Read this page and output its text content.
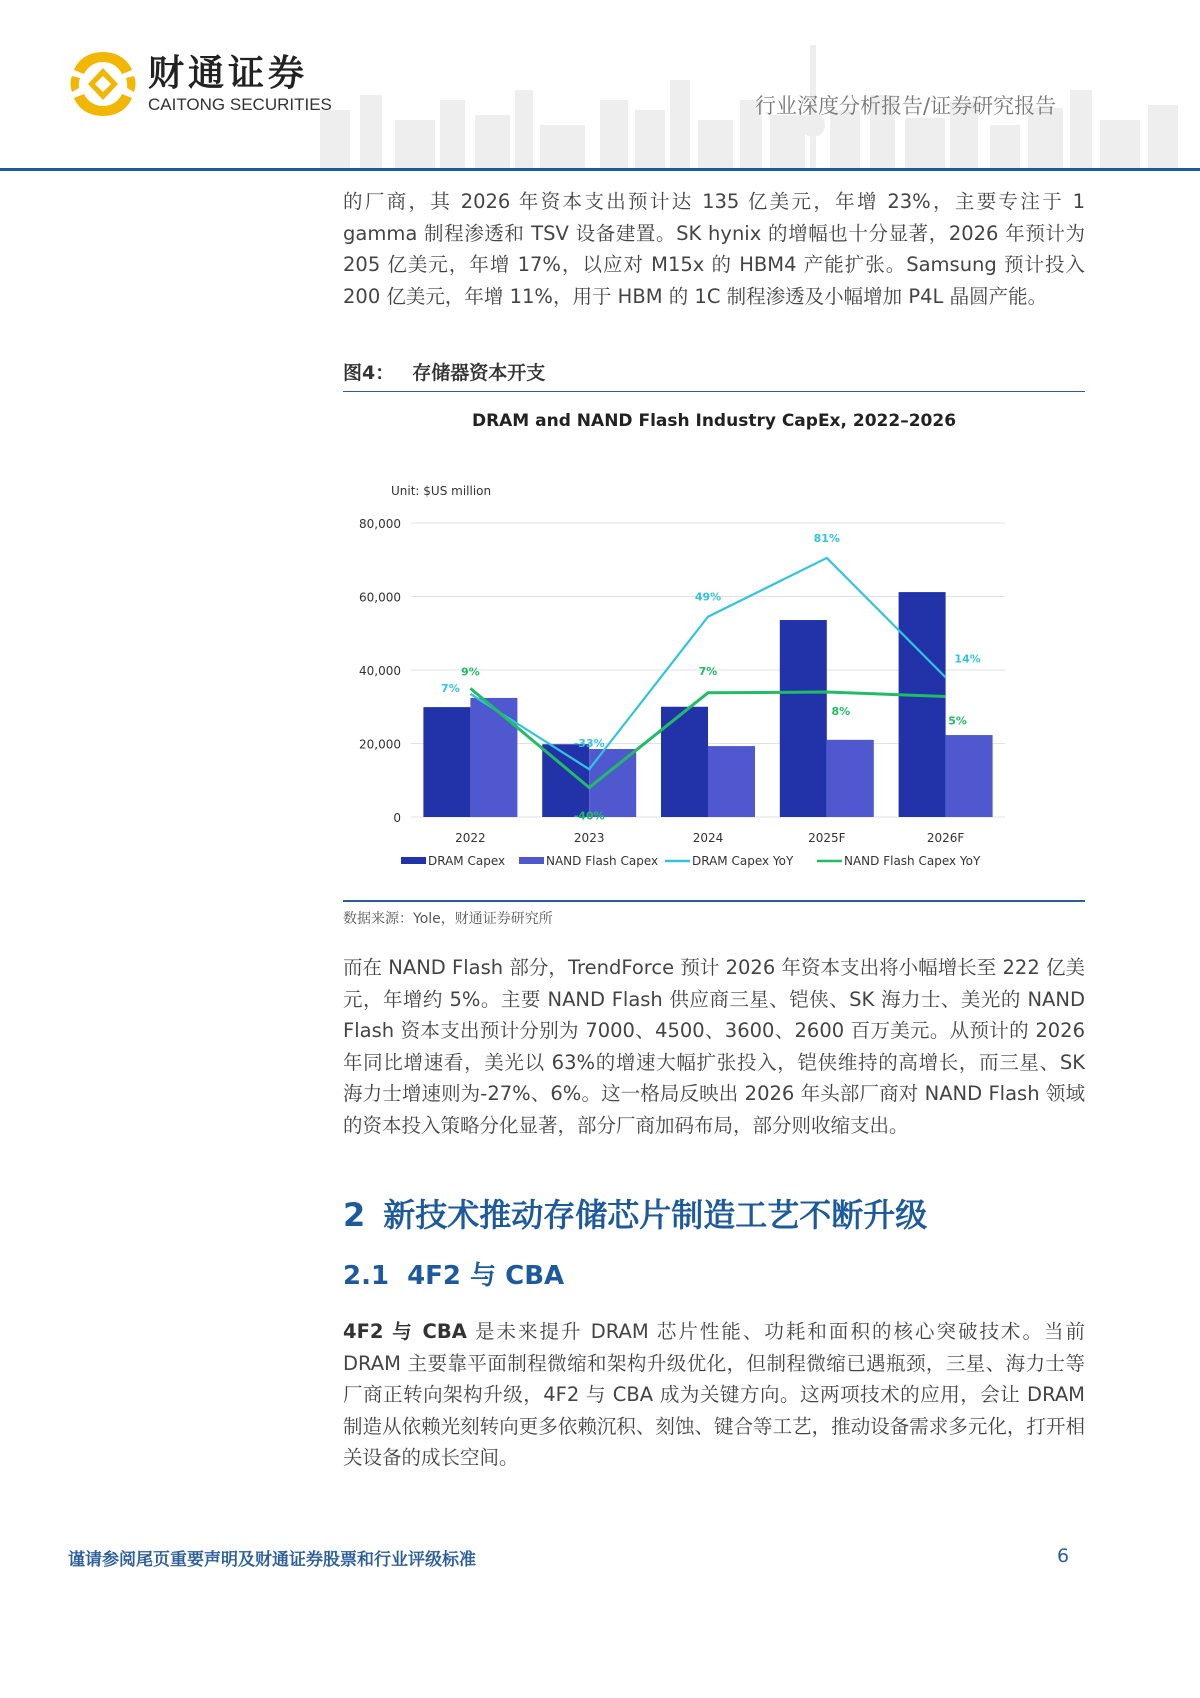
财通证券
CAITONG SECURITIES	行业深度分析报告/证券研究报告

的厂商，其 2026 年资本支出预计达 135 亿美元，年增 23%，主要专注于 1 gamma 制程渗透和 TSV 设备建置。SK hynix 的增幅也十分显著，2026 年预计为 205 亿美元，年增 17%，以应对 M15x 的 HBM4 产能扩张。Samsung 预计投入 200 亿美元，年增 11%，用于 HBM 的 1C 制程渗透及小幅增加 P4L 晶圆产能。

图4： 存储器资本开支
DRAM and NAND Flash Industry CapEx, 2022–2026
Unit: $US million
0
20,000
40,000
60,000
80,000
7%
-33%
49%
81%
14%
9%
-40%
7%
8%
5%
2022	2023	2024	2025F	2026F
DRAM Capex	NAND Flash Capex	DRAM Capex YoY	NAND Flash Capex YoY
数据来源：Yole，财通证券研究所

而在 NAND Flash 部分，TrendForce 预计 2026 年资本支出将小幅增长至 222 亿美元，年增约 5%。主要 NAND Flash 供应商三星、铠侠、SK 海力士、美光的 NAND Flash 资本支出预计分别为 7000、4500、3600、2600 百万美元。从预计的 2026 年同比增速看，美光以 63%的增速大幅扩张投入，铠侠维持的高增长，而三星、SK 海力士增速则为-27%、6%。这一格局反映出 2026 年头部厂商对 NAND Flash 领域的资本投入策略分化显著，部分厂商加码布局，部分则收缩支出。

2 新技术推动存储芯片制造工艺不断升级
2.1 4F2 与 CBA

4F2 与 CBA 是未来提升 DRAM 芯片性能、功耗和面积的核心突破技术。当前 DRAM 主要靠平面制程微缩和架构升级优化，但制程微缩已遇瓶颈，三星、海力士等厂商正转向架构升级，4F2 与 CBA 成为关键方向。这两项技术的应用，会让 DRAM 制造从依赖光刻转向更多依赖沉积、刻蚀、键合等工艺，推动设备需求多元化，打开相关设备的成长空间。

谨请参阅尾页重要声明及财通证券股票和行业评级标准	6
